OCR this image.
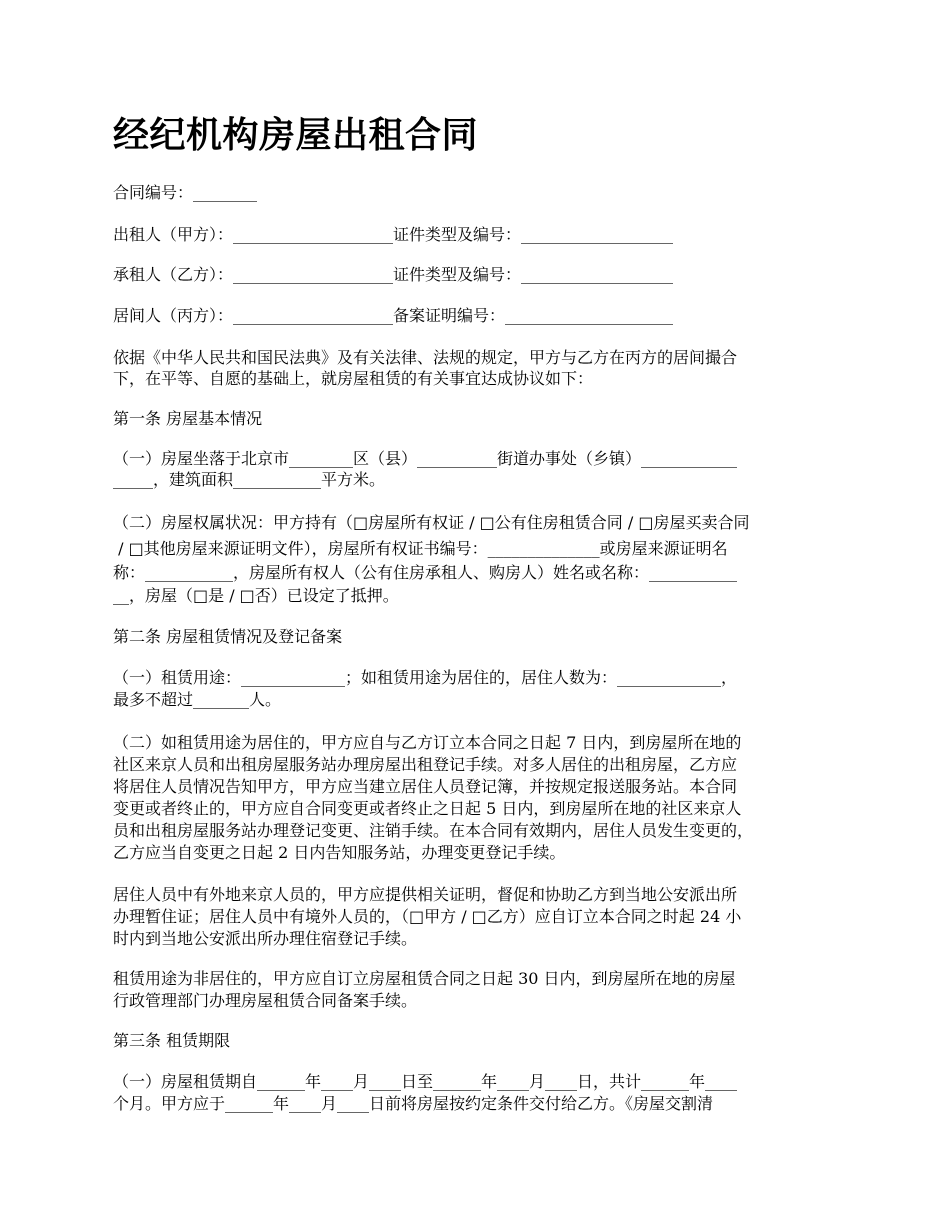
经纪机构房屋出租合同
合同编号：________
出租人（甲方）：____________________证件类型及编号：___________________
承租人（乙方）：____________________证件类型及编号：___________________
居间人（丙方）：____________________备案证明编号：_____________________
依据《中华人民共和国民法典》及有关法律、法规的规定，甲方与乙方在丙方的居间撮合
下，在平等、自愿的基础上，就房屋租赁的有关事宜达成协议如下：
第一条 房屋基本情况
（一）房屋坐落于北京市________区（县）__________街道办事处（乡镇）____________
_____，建筑面积___________平方米。
（二）房屋权属状况：甲方持有（□房屋所有权证 / □公有住房租赁合同 / □房屋买卖合同
/ □其他房屋来源证明文件），房屋所有权证书编号：______________或房屋来源证明名
称：___________，房屋所有权人（公有住房承租人、购房人）姓名或名称：___________
__，房屋（□是 / □否）已设定了抵押。
第二条 房屋租赁情况及登记备案
（一）租赁用途：_____________；如租赁用途为居住的，居住人数为：_____________，
最多不超过_______人。
（二）如租赁用途为居住的，甲方应自与乙方订立本合同之日起 7 日内，到房屋所在地的
社区来京人员和出租房屋服务站办理房屋出租登记手续。对多人居住的出租房屋，乙方应
将居住人员情况告知甲方，甲方应当建立居住人员登记簿，并按规定报送服务站。本合同
变更或者终止的，甲方应自合同变更或者终止之日起 5 日内，到房屋所在地的社区来京人
员和出租房屋服务站办理登记变更、注销手续。在本合同有效期内，居住人员发生变更的，
乙方应当自变更之日起 2 日内告知服务站，办理变更登记手续。
居住人员中有外地来京人员的，甲方应提供相关证明，督促和协助乙方到当地公安派出所
办理暂住证；居住人员中有境外人员的，（□甲方 / □乙方）应自订立本合同之时起 24 小
时内到当地公安派出所办理住宿登记手续。
租赁用途为非居住的，甲方应自订立房屋租赁合同之日起 30 日内，到房屋所在地的房屋
行政管理部门办理房屋租赁合同备案手续。
第三条 租赁期限
（一）房屋租赁期自______年____月____日至______年____月____日，共计______年____
个月。甲方应于______年____月____日前将房屋按约定条件交付给乙方。《房屋交割清
